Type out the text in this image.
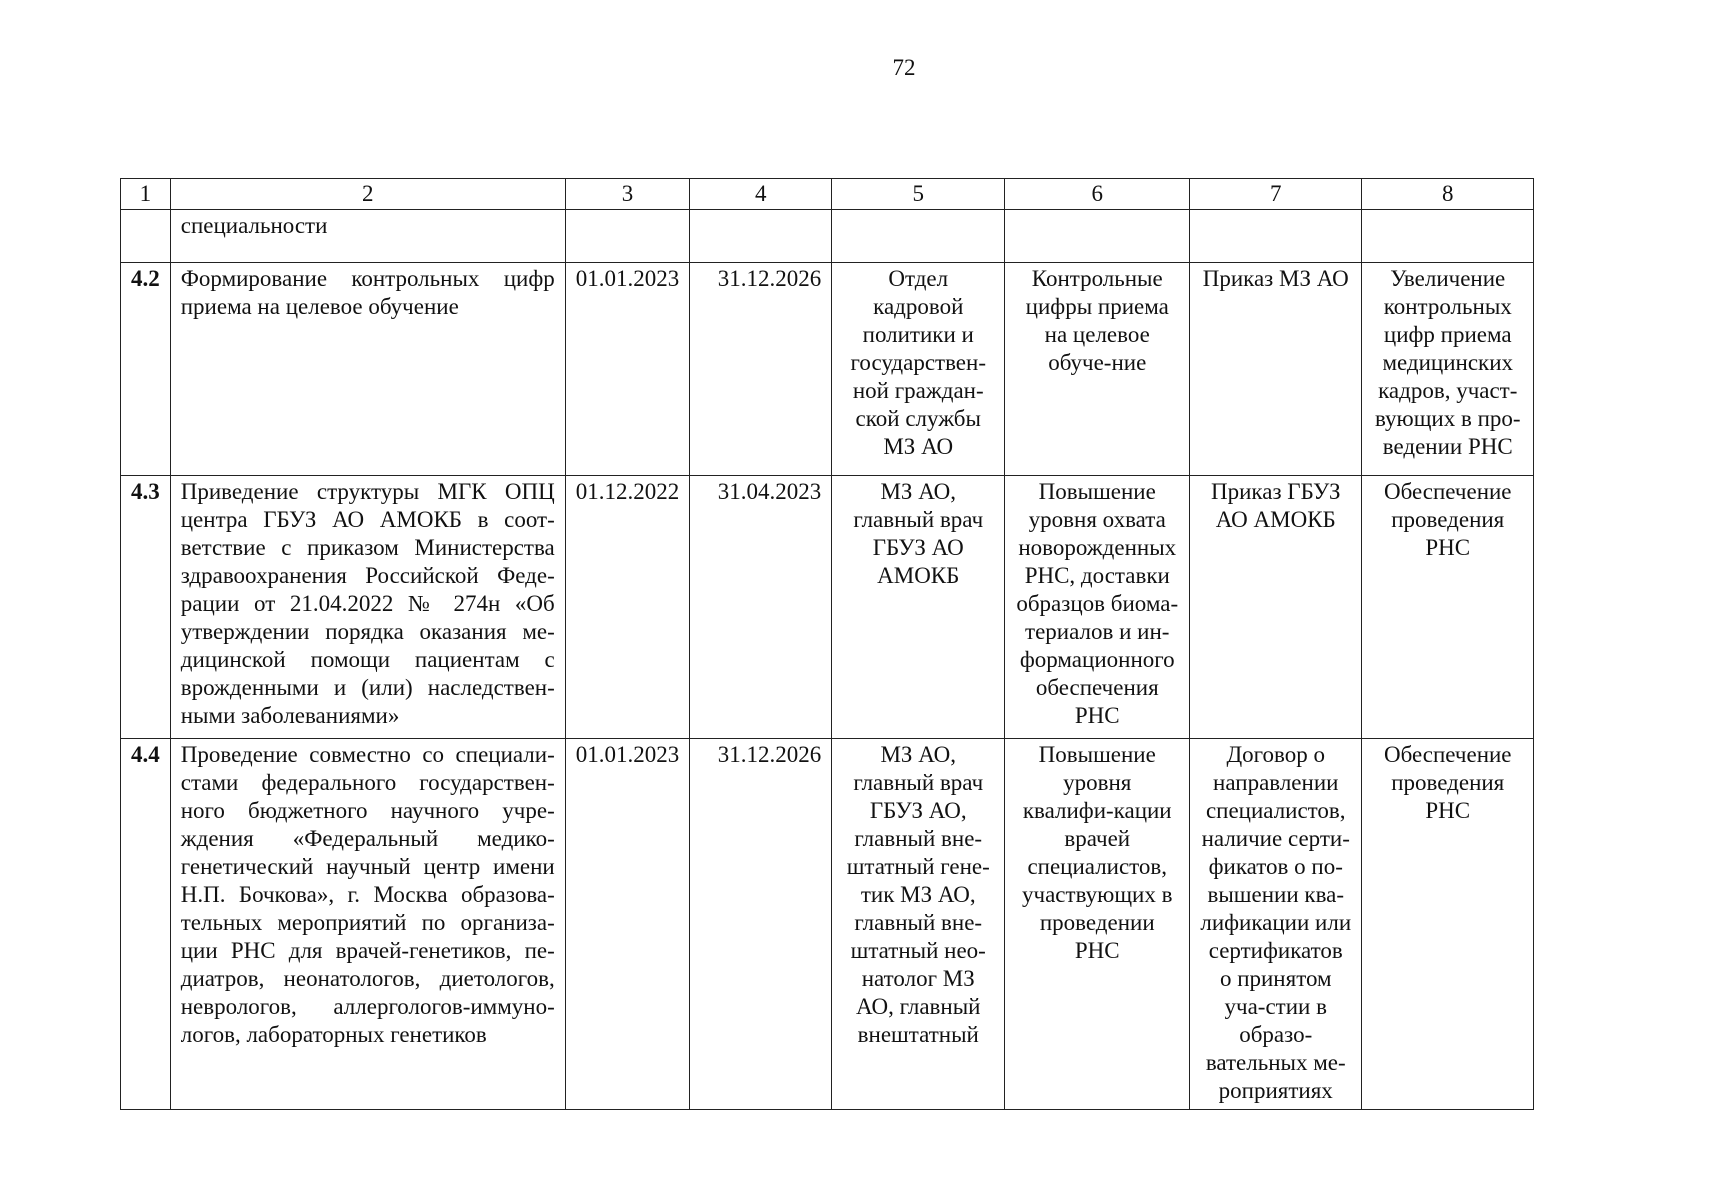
72
1	2	3	4	5	6	7	8
	специальности						
4.2	Формирование контрольных цифр приема на целевое обучение	01.01.2023	31.12.2026	Отдел кадровой политики и государствен-ной граждан-ской службы МЗ АО	Контрольные цифры приема на целевое обуче-ние	Приказ МЗ АО	Увеличение контрольных цифр приема медицинских кадров, участ-вующих в про-ведении РНС
4.3	Приведение структуры МГК ОПЦ центра ГБУЗ АО АМОКБ в соот-ветствие с приказом Министерства здравоохранения Российской Феде-рации от 21.04.2022 № 274н «Об утверждении порядка оказания ме-дицинской помощи пациентам с врожденными и (или) наследствен-ными заболеваниями»	01.12.2022	31.04.2023	МЗ АО, главный врач ГБУЗ АО АМОКБ	Повышение уровня охвата новорожденных РНС, доставки образцов биома-териалов и ин-формационного обеспечения РНС	Приказ ГБУЗ АО АМОКБ	Обеспечение проведения РНС
4.4	Проведение совместно со специали-стами федерального государствен-ного бюджетного научного учре-ждения «Федеральный медико-генетический научный центр имени Н.П. Бочкова», г. Москва образова-тельных мероприятий по организа-ции РНС для врачей-генетиков, пе-диатров, неонатологов, диетологов, неврологов, аллергологов-иммуно-логов, лабораторных генетиков	01.01.2023	31.12.2026	МЗ АО, главный врач ГБУЗ АО, главный вне-штатный гене-тик МЗ АО, главный вне-штатный нео-натолог МЗ АО, главный внештатный	Повышение уровня квалифи-кации врачей специалистов, участвующих в проведении РНС	Договор о направлении специалистов, наличие серти-фикатов о по-вышении ква-лификации или сертификатов о принятом уча-стии в образо-вательных ме-роприятиях	Обеспечение проведения РНС
